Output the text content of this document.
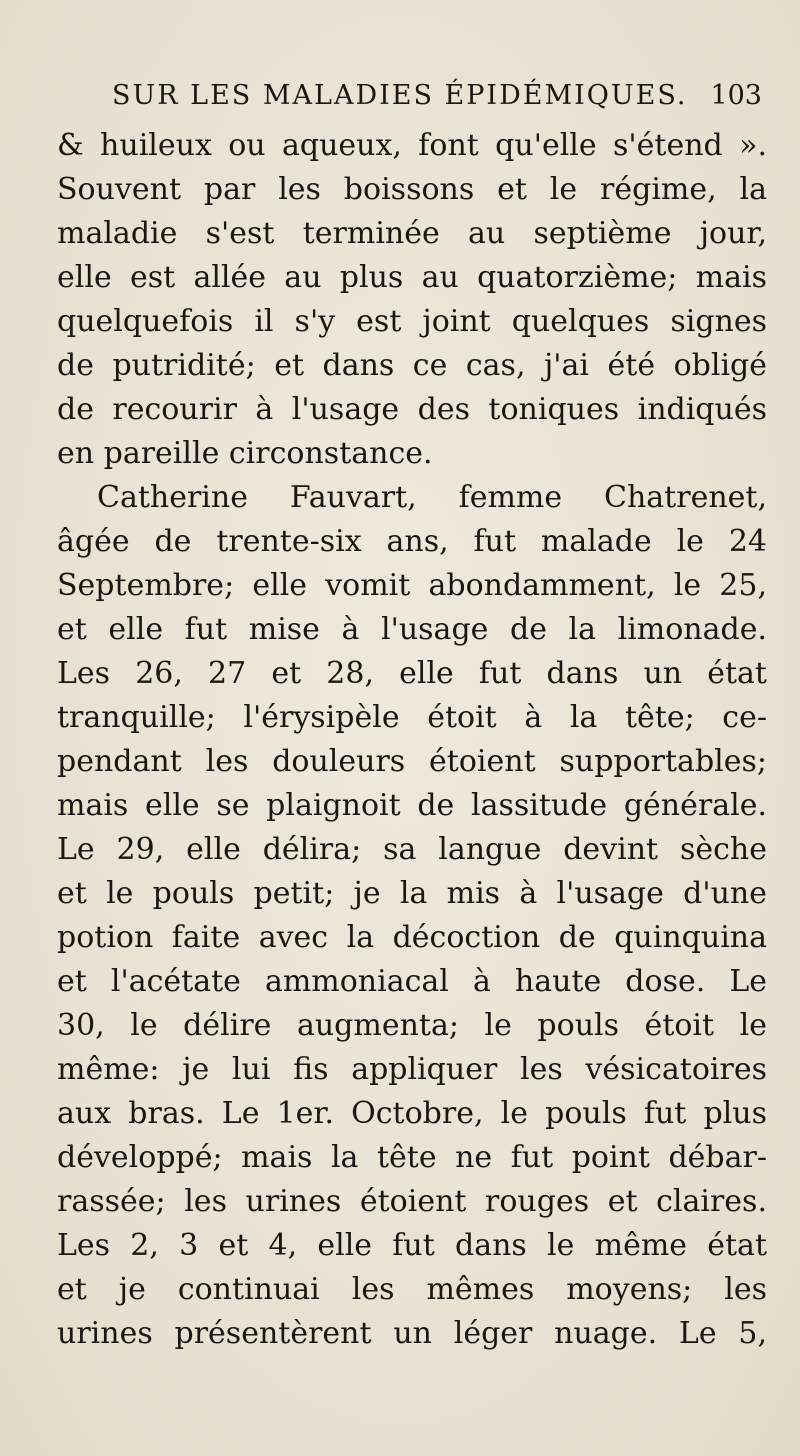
SUR LES MALADIES ÉPIDÉMIQUES. 103
& huileux ou aqueux, font qu'elle s'étend ».
Souvent par les boissons et le régime, la
maladie s'est terminée au septième jour,
elle est allée au plus au quatorzième; mais
quelquefois il s'y est joint quelques signes
de putridité; et dans ce cas, j'ai été obligé
de recourir à l'usage des toniques indiqués
en pareille circonstance.
Catherine Fauvart, femme Chatrenet,
âgée de trente-six ans, fut malade le 24
Septembre; elle vomit abondamment, le 25,
et elle fut mise à l'usage de la limonade.
Les 26, 27 et 28, elle fut dans un état
tranquille; l'érysipèle étoit à la tête; ce-
pendant les douleurs étoient supportables;
mais elle se plaignoit de lassitude générale.
Le 29, elle délira; sa langue devint sèche
et le pouls petit; je la mis à l'usage d'une
potion faite avec la décoction de quinquina
et l'acétate ammoniacal à haute dose. Le
30, le délire augmenta; le pouls étoit le
même: je lui fis appliquer les vésicatoires
aux bras. Le 1er. Octobre, le pouls fut plus
développé; mais la tête ne fut point débar-
rassée; les urines étoient rouges et claires.
Les 2, 3 et 4, elle fut dans le même état
et je continuai les mêmes moyens; les
urines présentèrent un léger nuage. Le 5,
